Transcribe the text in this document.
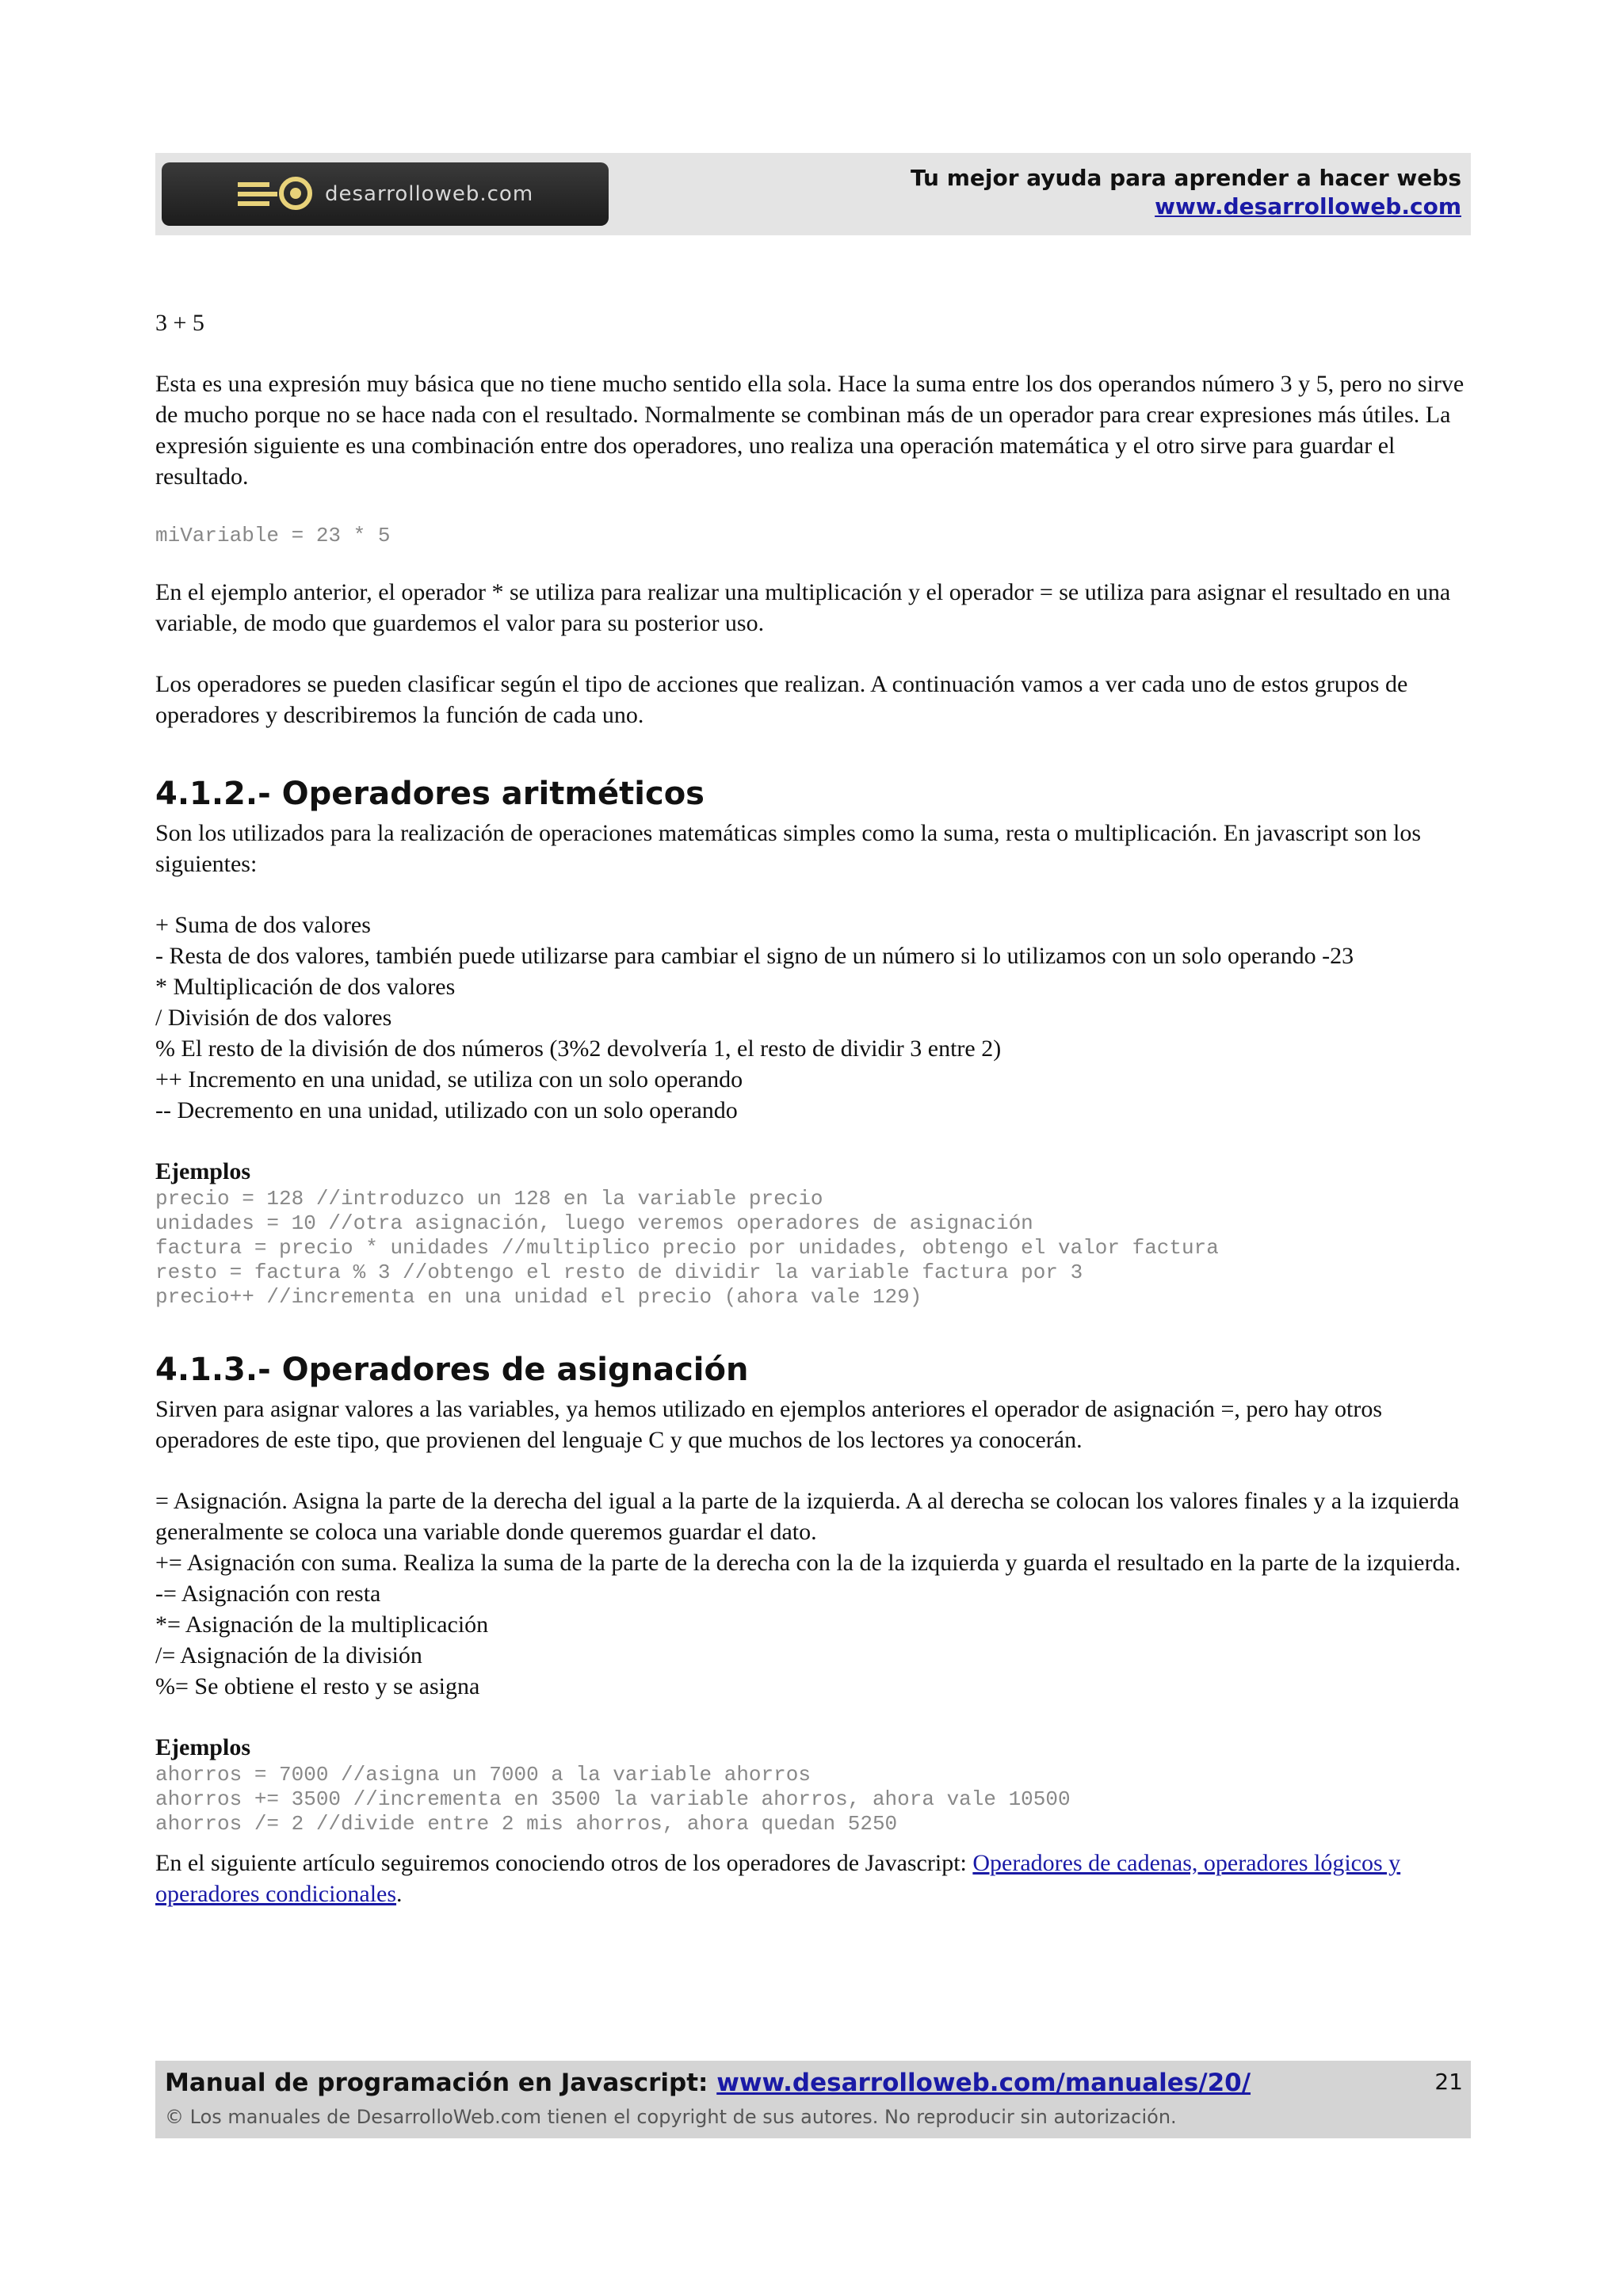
desarrolloweb.com
Tu mejor ayuda para aprender a hacer webs
www.desarrolloweb.com

3 + 5

Esta es una expresión muy básica que no tiene mucho sentido ella sola. Hace la suma entre los dos operandos número 3 y 5, pero no sirve de mucho porque no se hace nada con el resultado. Normalmente se combinan más de un operador para crear expresiones más útiles. La expresión siguiente es una combinación entre dos operadores, uno realiza una operación matemática y el otro sirve para guardar el resultado.

miVariable = 23 * 5

En el ejemplo anterior, el operador * se utiliza para realizar una multiplicación y el operador = se utiliza para asignar el resultado en una variable, de modo que guardemos el valor para su posterior uso.

Los operadores se pueden clasificar según el tipo de acciones que realizan. A continuación vamos a ver cada uno de estos grupos de operadores y describiremos la función de cada uno.

4.1.2.- Operadores aritméticos

Son los utilizados para la realización de operaciones matemáticas simples como la suma, resta o multiplicación. En javascript son los siguientes:

+ Suma de dos valores

- Resta de dos valores, también puede utilizarse para cambiar el signo de un número si lo utilizamos con un solo operando -23

* Multiplicación de dos valores

/ División de dos valores

% El resto de la división de dos números (3%2 devolvería 1, el resto de dividir 3 entre 2)

++ Incremento en una unidad, se utiliza con un solo operando

-- Decremento en una unidad, utilizado con un solo operando

Ejemplos

precio = 128 //introduzco un 128 en la variable precio

unidades = 10 //otra asignación, luego veremos operadores de asignación

factura = precio * unidades //multiplico precio por unidades, obtengo el valor factura

resto = factura % 3 //obtengo el resto de dividir la variable factura por 3

precio++ //incrementa en una unidad el precio (ahora vale 129)

4.1.3.- Operadores de asignación

Sirven para asignar valores a las variables, ya hemos utilizado en ejemplos anteriores el operador de asignación =, pero hay otros operadores de este tipo, que provienen del lenguaje C y que muchos de los lectores ya conocerán.

= Asignación. Asigna la parte de la derecha del igual a la parte de la izquierda. A al derecha se colocan los valores finales y a la izquierda generalmente se coloca una variable donde queremos guardar el dato.

+= Asignación con suma. Realiza la suma de la parte de la derecha con la de la izquierda y guarda el resultado en la parte de la izquierda.

-= Asignación con resta

*= Asignación de la multiplicación

/= Asignación de la división

%= Se obtiene el resto y se asigna

Ejemplos

ahorros = 7000 //asigna un 7000 a la variable ahorros

ahorros += 3500 //incrementa en 3500 la variable ahorros, ahora vale 10500

ahorros /= 2 //divide entre 2 mis ahorros, ahora quedan 5250

En el siguiente artículo seguiremos conociendo otros de los operadores de Javascript: Operadores de cadenas, operadores lógicos y operadores condicionales.

Manual de programación en Javascript: www.desarrolloweb.com/manuales/20/
© Los manuales de DesarrolloWeb.com tienen el copyright de sus autores. No reproducir sin autorización.
21
